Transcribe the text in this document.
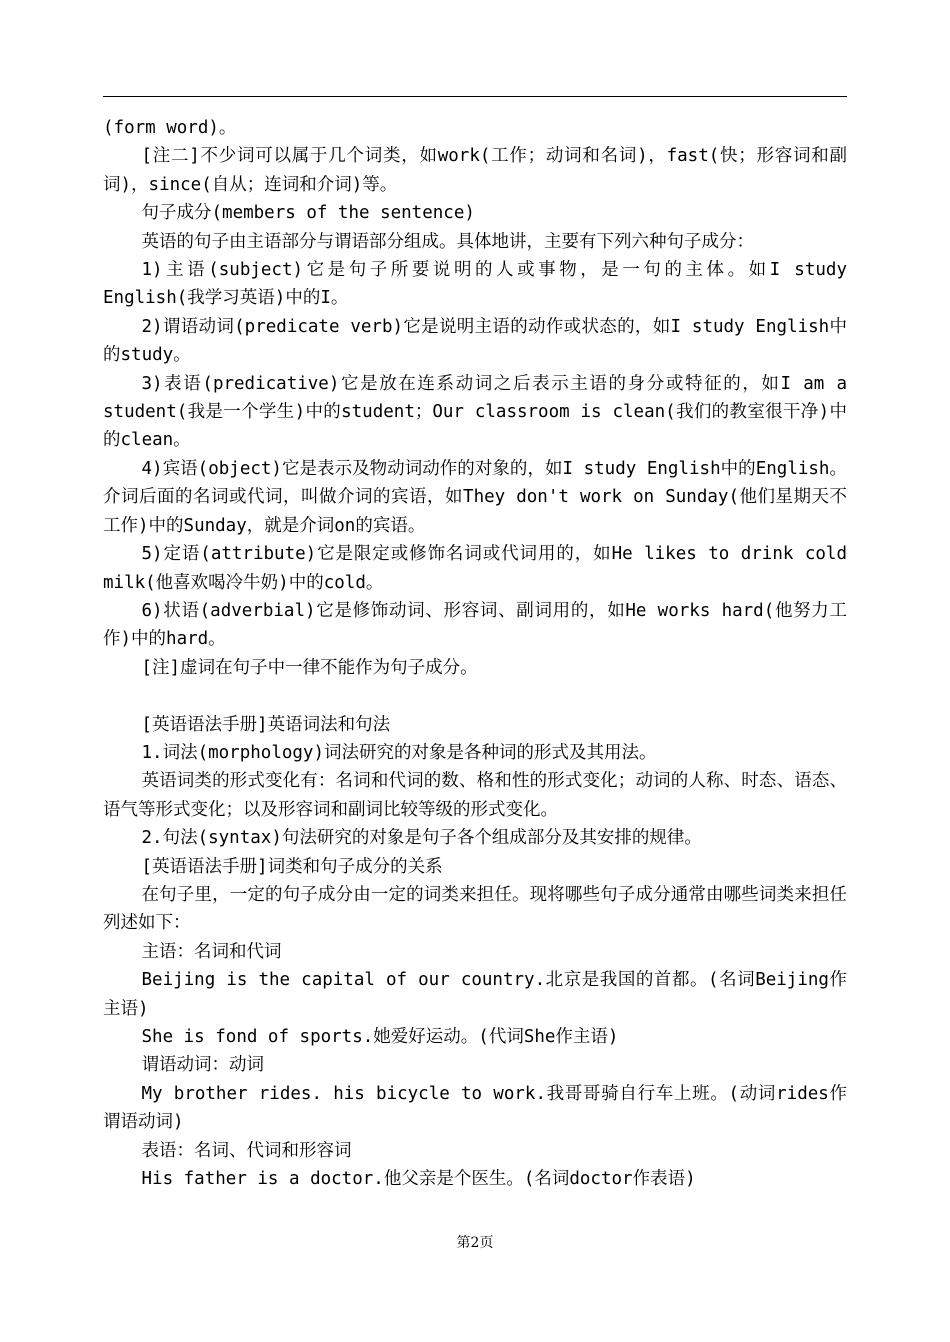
(form word)。

[注二]不少词可以属于几个词类，如work(工作；动词和名词)，fast(快；形容词和副词)，since(自从；连词和介词)等。

句子成分(members of the sentence)

英语的句子由主语部分与谓语部分组成。具体地讲，主要有下列六种句子成分：

1)主语(subject)它是句子所要说明的人或事物，是一句的主体。如I study English(我学习英语)中的I。

2)谓语动词(predicate verb)它是说明主语的动作或状态的，如I study English中的study。

3)表语(predicative)它是放在连系动词之后表示主语的身分或特征的，如I am a student(我是一个学生)中的student；Our classroom is clean(我们的教室很干净)中的clean。

4)宾语(object)它是表示及物动词动作的对象的，如I study English中的English。介词后面的名词或代词，叫做介词的宾语，如They don't work on Sunday(他们星期天不工作)中的Sunday，就是介词on的宾语。

5)定语(attribute)它是限定或修饰名词或代词用的，如He likes to drink cold milk(他喜欢喝冷牛奶)中的cold。

6)状语(adverbial)它是修饰动词、形容词、副词用的，如He works hard(他努力工作)中的hard。

[注]虚词在句子中一律不能作为句子成分。

[英语语法手册]英语词法和句法

1.词法(morphology)词法研究的对象是各种词的形式及其用法。

英语词类的形式变化有：名词和代词的数、格和性的形式变化；动词的人称、时态、语态、语气等形式变化；以及形容词和副词比较等级的形式变化。

2.句法(syntax)句法研究的对象是句子各个组成部分及其安排的规律。

[英语语法手册]词类和句子成分的关系

在句子里，一定的句子成分由一定的词类来担任。现将哪些句子成分通常由哪些词类来担任列述如下：

主语：名词和代词

Beijing is the capital of our country.北京是我国的首都。(名词Beijing作主语)

She is fond of sports.她爱好运动。(代词She作主语)

谓语动词：动词

My brother rides. his bicycle to work.我哥哥骑自行车上班。(动词rides作谓语动词)

表语：名词、代词和形容词

His father is a doctor.他父亲是个医生。(名词doctor作表语)

第2页
